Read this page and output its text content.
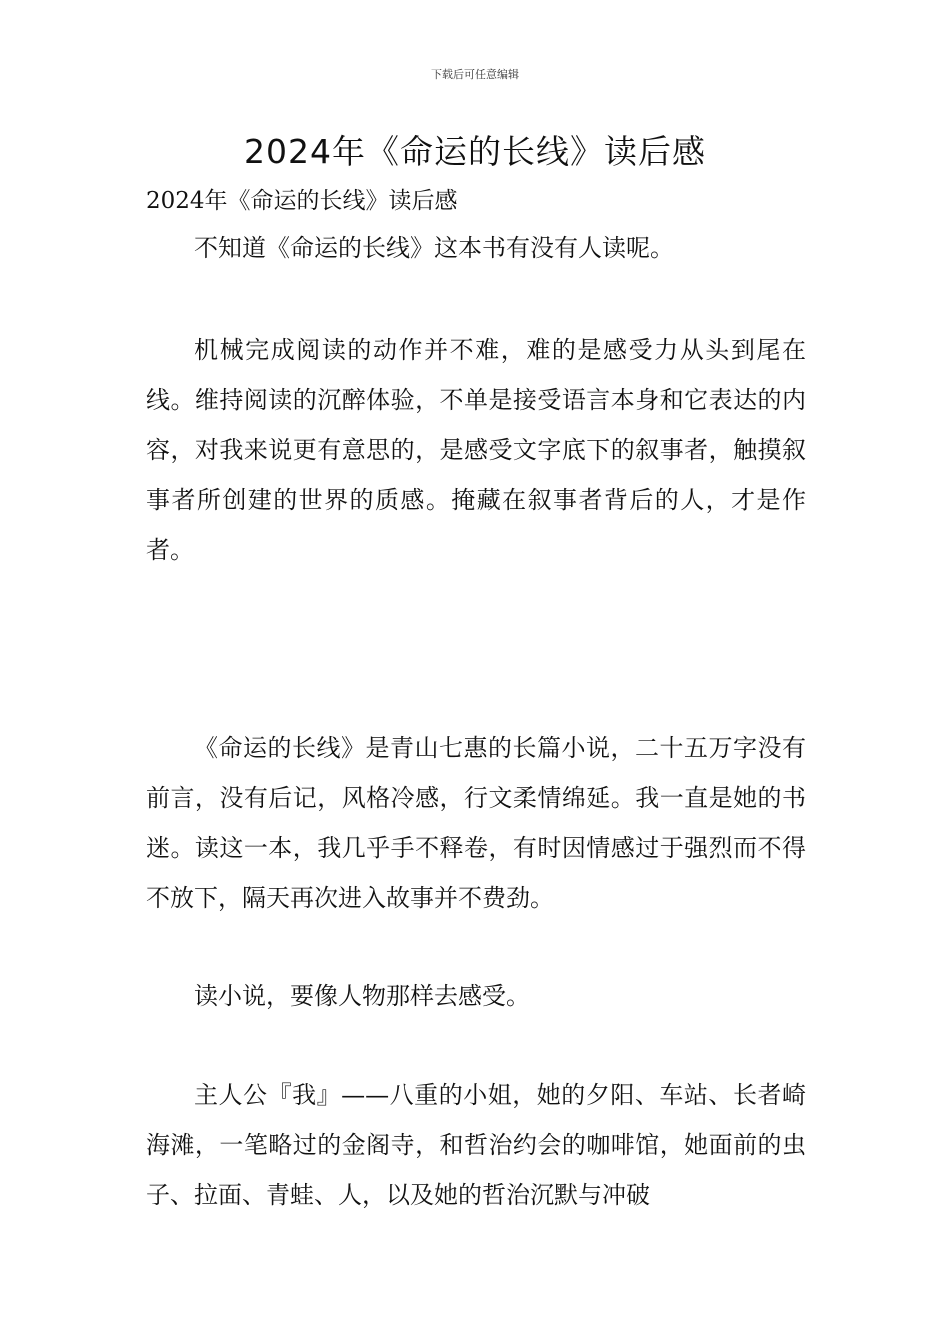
下载后可任意编辑
2024年《命运的长线》读后感

2024年《命运的长线》读后感

不知道《命运的长线》这本书有没有人读呢。

机械完成阅读的动作并不难，难的是感受力从头到尾在线。维持阅读的沉醉体验，不单是接受语言本身和它表达的内容，对我来说更有意思的，是感受文字底下的叙事者，触摸叙事者所创建的世界的质感。掩藏在叙事者背后的人，才是作者。

《命运的长线》是青山七惠的长篇小说，二十五万字没有前言，没有后记，风格冷感，行文柔情绵延。我一直是她的书迷。读这一本，我几乎手不释卷，有时因情感过于强烈而不得不放下，隔天再次进入故事并不费劲。

读小说，要像人物那样去感受。

主人公『我』——八重的小姐，她的夕阳、车站、长者崎海滩，一笔略过的金阁寺，和哲治约会的咖啡馆，她面前的虫子、拉面、青蛙、人，以及她的哲治沉默与冲破
